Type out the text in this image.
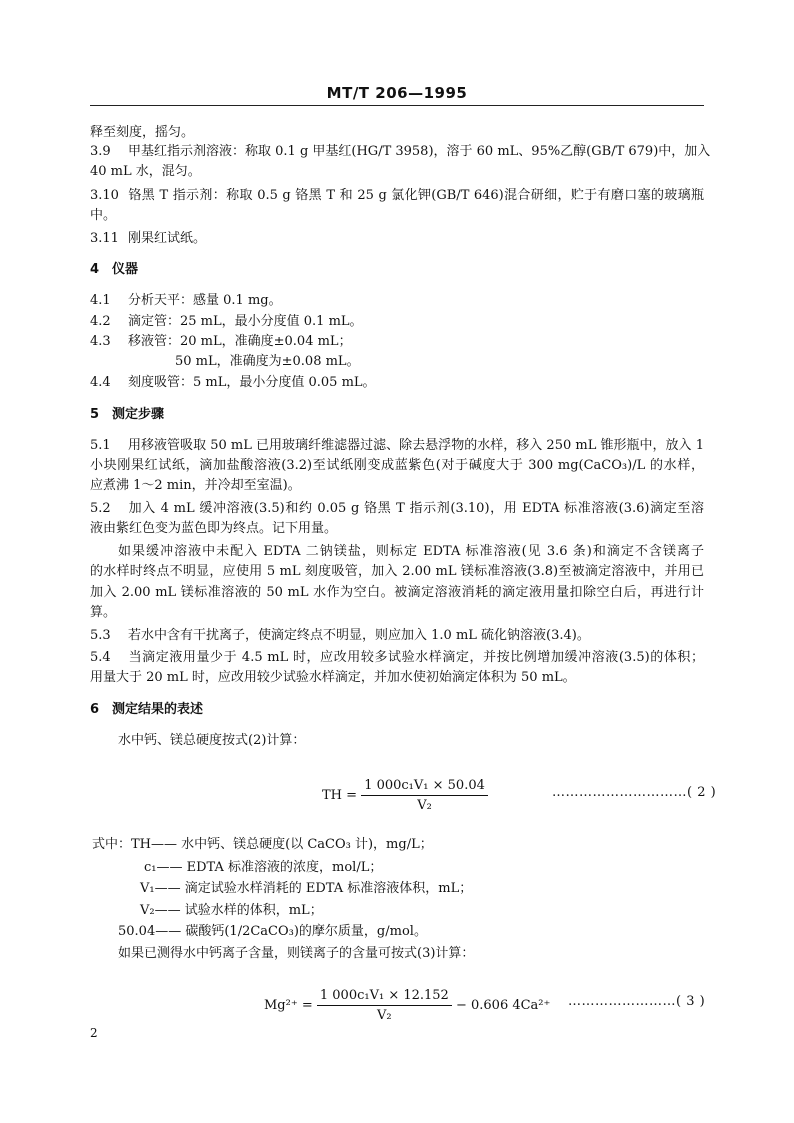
MT/T 206—1995
释至刻度，摇匀。
3.9 甲基红指示剂溶液：称取 0.1 g 甲基红(HG/T 3958)，溶于 60 mL、95%乙醇(GB/T 679)中，加入
40 mL 水，混匀。
3.10 铬黑 T 指示剂：称取 0.5 g 铬黑 T 和 25 g 氯化钾(GB/T 646)混合研细，贮于有磨口塞的玻璃瓶
中。
3.11 刚果红试纸。
4 仪器
4.1 分析天平：感量 0.1 mg。
4.2 滴定管：25 mL，最小分度值 0.1 mL。
4.3 移液管：20 mL，准确度±0.04 mL；
50 mL，准确度为±0.08 mL。
4.4 刻度吸管：5 mL，最小分度值 0.05 mL。
5 测定步骤
5.1 用移液管吸取 50 mL 已用玻璃纤维滤器过滤、除去悬浮物的水样，移入 250 mL 锥形瓶中，放入 1
小块刚果红试纸，滴加盐酸溶液(3.2)至试纸刚变成蓝紫色(对于碱度大于 300 mg(CaCO₃)/L 的水样，
应煮沸 1～2 min，并冷却至室温)。
5.2 加入 4 mL 缓冲溶液(3.5)和约 0.05 g 铬黑 T 指示剂(3.10)，用 EDTA 标准溶液(3.6)滴定至溶
液由紫红色变为蓝色即为终点。记下用量。
如果缓冲溶液中未配入 EDTA 二钠镁盐，则标定 EDTA 标准溶液(见 3.6 条)和滴定不含镁离子
的水样时终点不明显，应使用 5 mL 刻度吸管，加入 2.00 mL 镁标准溶液(3.8)至被滴定溶液中，并用已
加入 2.00 mL 镁标准溶液的 50 mL 水作为空白。被滴定溶液消耗的滴定液用量扣除空白后，再进行计
算。
5.3 若水中含有干扰离子，使滴定终点不明显，则应加入 1.0 mL 硫化钠溶液(3.4)。
5.4 当滴定液用量少于 4.5 mL 时，应改用较多试验水样滴定，并按比例增加缓冲溶液(3.5)的体积；
用量大于 20 mL 时，应改用较少试验水样滴定，并加水使初始滴定体积为 50 mL。
6 测定结果的表述
水中钙、镁总硬度按式(2)计算：
TH = $\frac{\text{1 000c₁V₁ × 50.04}}{\text{V₂}}$	…………………………( 2 )
式中：TH—— 水中钙、镁总硬度(以 CaCO₃ 计)，mg/L；
c₁—— EDTA 标准溶液的浓度，mol/L；
V₁—— 滴定试验水样消耗的 EDTA 标准溶液体积，mL；
V₂—— 试验水样的体积，mL；
50.04—— 碳酸钙(1/2CaCO₃)的摩尔质量，g/mol。
如果已测得水中钙离子含量，则镁离子的含量可按式(3)计算：
$Mg^{2+} = \frac{\text{1 000c₁V₁ × 12.152}}{\text{V₂}} - 0.606$ 4Ca²⁺ ……………………( 3 )
2
